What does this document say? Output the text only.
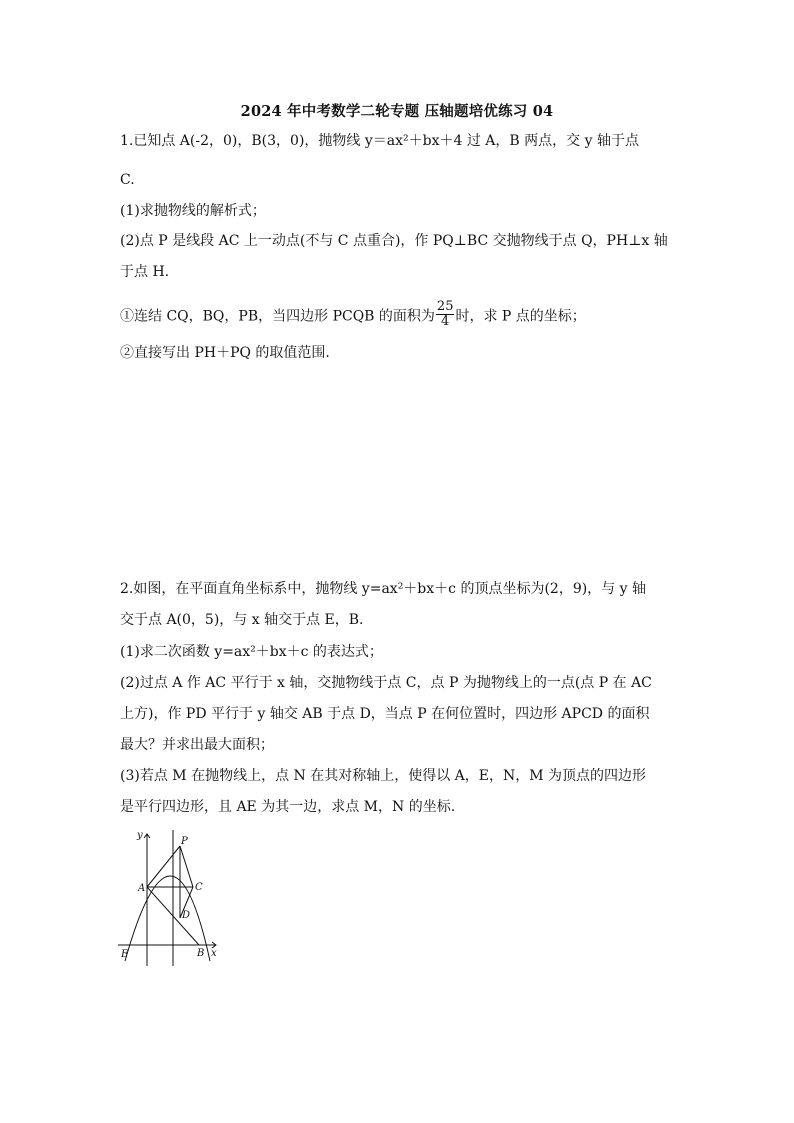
2024 年中考数学二轮专题 压轴题培优练习 04
1.已知点 A(-2，0)，B(3，0)，抛物线 y＝ax²＋bx＋4 过 A，B 两点，交 y 轴于点
C.
(1)求抛物线的解析式；
(2)点 P 是线段 AC 上一动点(不与 C 点重合)，作 PQ⊥BC 交抛物线于点 Q，PH⊥x 轴
于点 H.
①连结 CQ，BQ，PB，当四边形 PCQB 的面积为 $\frac{25}{4}$ 时，求 P 点的坐标；
②直接写出 PH＋PQ 的取值范围.
2.如图，在平面直角坐标系中，抛物线 y=ax²＋bx＋c 的顶点坐标为(2，9)，与 y 轴
交于点 A(0，5)，与 x 轴交于点 E，B.
(1)求二次函数 y=ax²＋bx＋c 的表达式；
(2)过点 A 作 AC 平行于 x 轴，交抛物线于点 C，点 P 为抛物线上的一点(点 P 在 AC
上方)，作 PD 平行于 y 轴交 AB 于点 D，当点 P 在何位置时，四边形 APCD 的面积
最大？并求出最大面积；
(3)若点 M 在抛物线上，点 N 在其对称轴上，使得以 A，E，N，M 为顶点的四边形
是平行四边形，且 AE 为其一边，求点 M，N 的坐标.
y
x
P
A	C
D
E	B
